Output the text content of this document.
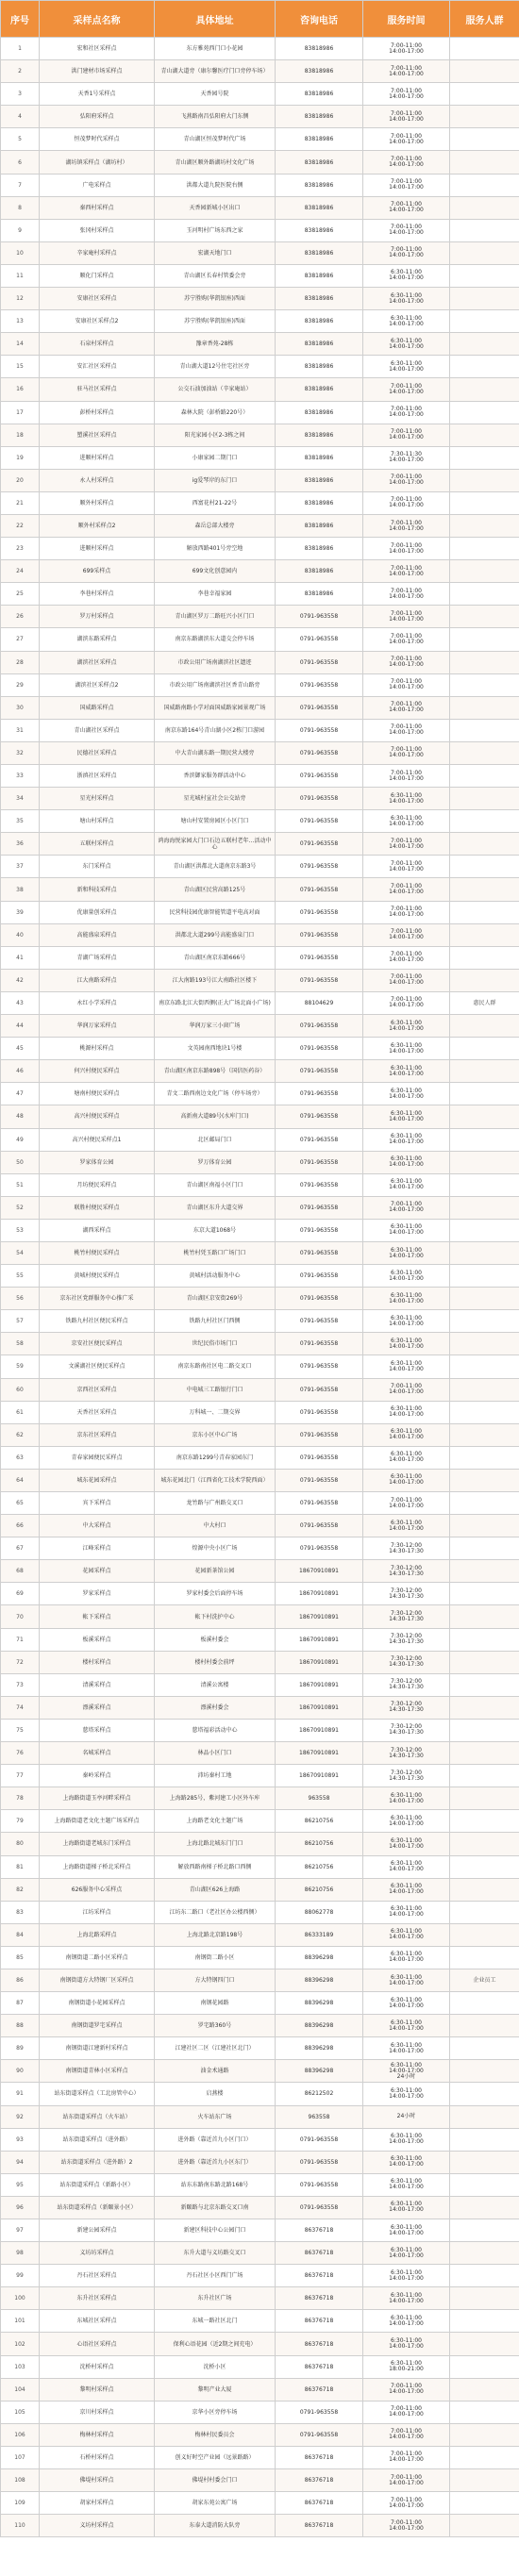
序号	采样点名称	具体地址	咨询电话	服务时间	服务人群
1	宏和社区采样点	东方雅苑西门口小花园	83818986	7:00-11:00
14:00-17:00	
2	洪门建材市场采样点	青山湖大道旁（康尔馨医疗门口旁停车场）	83818986	7:00-11:00
14:00-17:00	
3	天香1号采样点	天香园号院	83818986	7:00-11:00
14:00-17:00	
4	弘阳府采样点	飞燕路南昌弘阳府大门东侧	83818986	7:00-11:00
14:00-17:00	
5	恒茂梦时代采样点	青山湖区恒茂梦时代广场	83818986	7:00-11:00
14:00-17:00	
6	湖坊镇采样点（湖坊村）	青山湖区顺外路湖坊村文化广场	83818986	7:00-11:00
14:00-17:00	
7	广电采样点	洪都大道九院医院右侧	83818986	7:00-11:00
14:00-17:00	
8	秦西村采样点	天香园新城小区出口	83818986	7:00-11:00
14:00-17:00	
9	张冈村采样点	玉河明村广场东西之家	83818986	7:00-11:00
14:00-17:00	
10	辛家庵村采样点	宏湖天地门口	83818986	7:00-11:00
14:00-17:00	
11	顺化门采样点	青山湖区长春村管委会旁	83818986	6:30-11:00
14:00-17:00	
12	安康社区采样点	苏宁胜购(华凯银座)西面	83818986	6:30-11:00
14:00-17:00	
13	安康社区采样点2	苏宁胜购(华凯银座)西面	83818986	6:30-11:00
14:00-17:00	
14	石泉村采样点	豫章香苑-28栋	83818986	6:30-11:00
14:00-17:00	
15	安汇社区采样点	青山湖大道12号住宅社区旁	83818986	6:30-11:00
14:00-17:00	
16	驻马社区采样点	公交石油加油站（辛家庵站）	83818986	7:00-11:00
14:00-17:00	
17	彭桥村采样点	森林大院（彭桥路220号）	83818986	7:00-11:00
14:00-17:00	
18	塑溪社区采样点	阳光家园小区2-3栋之间	83818986	7:00-11:00
14:00-17:00	
19	进顺村采样点	小康家园二期门口	83818986	7:30-11:30
14:00-17:00	
20	永人村采样点	ig爱琴岸的东门口	83818986	7:00-11:00
14:00-17:00	
21	顺外村采样点	西富花村21-22号	83818986	7:00-11:00
14:00-17:00	
22	顺外村采样点2	森岳总部大楼旁	83818986	7:00-11:00
14:00-17:00	
23	进顺村采样点	解放西路401号旁空地	83818986	7:00-11:00
14:00-17:00	
24	699采样点	699文化创意园内	83818986	7:00-11:00
14:00-17:00	
25	李巷村采样点	李巷幸福家园	83818986	7:00-11:00
14:00-17:00	
26	罗万村采样点	青山湖区罗万二路旺兴小区门口	0791-963558	7:00-11:00
14:00-17:00	
27	湖滨东路采样点	南京东路湖滨东大道交会停车场	0791-963558	7:00-11:00
14:00-17:00	
28	湖滨社区采样点	市政公用广场南湖滨社区遗迹	0791-963558	7:00-11:00
14:00-17:00	
29	湖滨社区采样点2	市政公用广场南湖滨社区香青山路旁	0791-963558	7:00-11:00
14:00-17:00	
30	国威路采样点	国威路南路小学对面国威路家园景观广场	0791-963558	7:00-11:00
14:00-17:00	
31	青山湖社区采样点	南京东路164号青山湖小区2栋门口游园	0791-963558	7:00-11:00
14:00-17:00	
32	民德社区采样点	中大青山湖东路一期民营大楼旁	0791-963558	7:00-11:00
14:00-17:00	
33	浙滇社区采样点	香滨御家服务群活动中心	0791-963558	7:00-11:00
14:00-17:00	
34	星光村采样点	星光城村宣社会公交站旁	0791-963558	6:30-11:00
14:00-17:00	
35	塘山村采样点	塘山村安置房园区小区门口	0791-963558	6:30-11:00
14:00-17:00	
36	五联村采样点	鸿海海悦家园大门口石边五联村老年…活动中心	0791-963558	7:00-11:00
14:00-17:00	
37	东门采样点	青山湖区洪都北大道南京东路3号	0791-963558	7:00-11:00
14:00-17:00	
38	新和科技采样点	青山湖区民营高路125号	0791-963558	7:00-11:00
14:00-17:00	
39	优康量创采样点	民营科技园优康智能管道平电高对面	0791-963558	7:00-11:00
14:00-17:00	
40	高能盛泉采样点	洪都北大道299号高能盛泉门口	0791-963558	7:00-11:00
14:00-17:00	
41	青湖广场采样点	青山湖区南京东路666号	0791-963558	7:00-11:00
14:00-17:00	
42	江大南路采样点	江大南路193号江大南路社区楼下	0791-963558	7:00-11:00
14:00-17:00	
43	永红小学采样点	南京东路北江大街西侧(正大广场北面小广场)	88104629	7:00-11:00
14:00-17:00	惠民人群
44	华润万家采样点	华润万家三小窗广场	0791-963558	6:30-11:00
14:00-17:00	
45	桃源村采样点	文英园南西地块1号楼	0791-963558	6:30-11:00
14:00-17:00	
46	何兴村便民采样点	青山湖区南京东路898号（国信医药谷）	0791-963558	6:30-11:00
14:00-17:00	
47	塘南村便民采样点	青文二路西南边文化广场（停车场旁）	0791-963558	6:30-11:00
14:00-17:00	
48	高兴村便民采样点	高新南大道89号(水库门口)	0791-963558	6:30-11:00
14:00-17:00	
49	高兴村便民采样点1	北区邮局门口	0791-963558	6:30-11:00
14:00-17:00	
50	罗家体育公园	罗万体育公园	0791-963558	6:30-11:00
14:00-17:00	
51	月坊便民采样点	青山湖区南福小区门口	0791-963558	6:30-11:00
14:00-17:00	
52	联胜村便民采样点	青山湖区东升大道交界	0791-963558	7:00-11:00
14:00-17:00	
53	湖西采样点	东京大道1068号	0791-963558	6:30-11:00
14:00-17:00	
54	桃竹村便民采样点	桃竹村凭玉路口广场门口	0791-963558	6:30-11:00
14:00-17:00	
55	黄城村便民采样点	黄城村活动服务中心	0791-963558	6:30-11:00
14:00-17:00	
56	京东社区党群服务中心推广采	青山湖区京安街269号	0791-963558	6:30-11:00
14:00-17:00	
57	铁路九村社区便民采样点	铁路九村社区门西侧	0791-963558	6:30-11:00
14:00-17:00	
58	京安社区便民采样点	世纪民俗市场门口	0791-963558	6:30-11:00
14:00-17:00	
59	文溪湖社区便民采样点	南京东路南社区电二路交叉口	0791-963558	6:30-11:00
14:00-17:00	
60	京西社区采样点	中电城三工路银行门口	0791-963558	7:00-11:00
14:00-17:00	
61	天香社区采样点	万科城一、二期交界	0791-963558	6:30-11:00
14:00-17:00	
62	京东社区采样点	京东小区中心广场	0791-963558	6:30-11:00
14:00-17:00	
63	青春家园便民采样点	南京东路1299号青春家园东门	0791-963558	6:30-11:00
14:00-17:00	
64	城东花园采样点	城东花园北门（江西省化工技术学院西面）	0791-963558	6:30-11:00
14:00-17:00	
65	宾下采样点	龙竹路与广州路交叉口	0791-963558	7:00-11:00
14:00-17:00	
66	中大采样点	中大村口	0791-963558	6:30-11:00
14:00-17:00	
67	江峰采样点	煌源中央小区广场	0791-963558	7:30-12:00
14:30-17:30	
68	花园采样点	花园新茶馆公园	18670910891	7:30-12:00
14:30-17:30	
69	罗家采样点	罗家村委会后面停车场	18670910891	7:30-12:00
14:30-17:30	
70	帐下采样点	帐下村洗护中心	18670910891	7:30-12:00
14:30-17:30	
71	板溪采样点	板溪村委会	18670910891	7:30-12:00
14:30-17:30	
72	楼村采样点	楼村村委会前坪	18670910891	7:30-12:00
14:30-17:30	
73	清溪采样点	清溪公寓楼	18670910891	7:30-12:00
14:30-17:30	
74	漂溪采样点	漂溪村委会	18670910891	7:30-12:00
14:30-17:30	
75	慈塔采样点	慈塔福彩活动中心	18670910891	7:30-12:00
14:30-17:30	
76	名城采样点	林品小区门口	18670910891	7:30-12:00
14:30-17:30	
77	秦岭采样点	沛坊秦村工地	18670910891	7:30-12:00
14:30-17:30	
78	上海路街道玉亭河畔采样点	上海路285号，紫河建工小区外车库	963558	6:30-11:00
14:00-17:00	
79	上海路街道老文化主题广场采样点	上海路老文化主题广场	86210756	6:30-11:00
14:00-17:00	
80	上海路街道老城东门采样点	上海北路北城东门门口	86210756	6:30-11:00
14:00-17:00	
81	上海路街道梯子桥北采样点	解放西路南梯子桥北路口西侧	86210756	6:30-11:00
14:00-17:00	
82	626服务中心采样点	青山湖区626上海路	86210756	6:30-11:00
14:00-17:00	
83	江坊采样点	江坊东二路口（老社区办公楼西侧）	88062778	6:30-11:00
14:00-17:00	
84	上海北路采样点	上海北路北京路198号	86333189	6:30-11:00
14:00-17:00	
85	南钢街道二路小区采样点	南钢街二路小区	88396298	6:30-11:00
14:00-17:00	
86	南钢街道方大特钢厂区采样点	方大特钢四门口	88396298	6:30-11:00
14:00-17:00	企业员工
87	南钢街道小花园采样点	南钢花园路	88396298	6:30-11:00
14:00-17:00	
88	南钢街道罗宅采样点	罗宅路360号	88396298	6:30-11:00
14:00-17:00	
89	南钢街道江建新村采样点	江建社区二区（江建社区北门）	88396298	6:30-11:00
14:00-17:00	
90	南钢街道青林小区采样点	油金术通路	88396298	6:30-11:00
14:00-17:00
24小时	
91	站东街道采样点（工北房管中心）	启燕楼	86212502	6:30-11:00
14:00-17:00	
92	站东街道采样点（火车站）	火车站东广场	963558	24小时	
93	站东街道采样点（进外路）	进外路（靠近首九小区门口）	0791-963558	6:30-11:00
14:00-17:00	
94	站东街道采样点（进外路）2	进外路（靠近首九小区东门）	0791-963558	6:30-11:00
14:00-17:00	
95	站东街道采样点（新路小区）	站东东路南东路北路168号	0791-963558	6:30-11:00
14:00-17:00	
96	站东街道采样点（新颐景小区）	新颐路与北京东路交叉口南	0791-963558	6:30-11:00
14:00-17:00	
97	新建公园采样点	新建区科技中心公园门口	86376718	6:30-11:00
14:00-17:00	
98	义坊坊采样点	东升大道与义坊路交叉口	86376718	6:30-11:00
14:00-17:00	
99	丹石社区采样点	丹石社区小区西门广场	86376718	6:30-11:00
14:00-17:00	
100	东升社区采样点	东升社区广场	86376718	6:30-11:00
14:00-17:00	
101	东城社区采样点	东城一路社区北门	86376718	6:30-11:00
14:00-17:00	
102	心语社区采样点	保利心语花园（近2期之间充电）	86376718	6:30-11:00
14:00-17:00	
103	沈桥村采样点	沈桥小区	86376718	6:30-11:00
18:00-21:00	
104	黎明村采样点	黎明产业大厦	86376718	7:00-11:00
14:00-17:00	
105	京川村采样点	京华小区旁停车场	0791-963558	7:00-11:00
14:00-17:00	
106	梅林村采样点	梅林村民委员会	0791-963558	7:00-11:00
14:00-17:00	
107	石桥村采样点	创义好时空产业园（远景路路）	86376718	7:00-11:00
14:00-17:00	
108	佛堤村采样点	佛堤村村委会门口	86376718	7:00-11:00
14:00-17:00	
109	胡家村采样点	胡家东苑公寓广场	86376718	7:00-11:00
14:00-17:00	
110	义坊村采样点	东泰大道消防大队旁	86376718	7:00-11:00
14:00-17:00	
